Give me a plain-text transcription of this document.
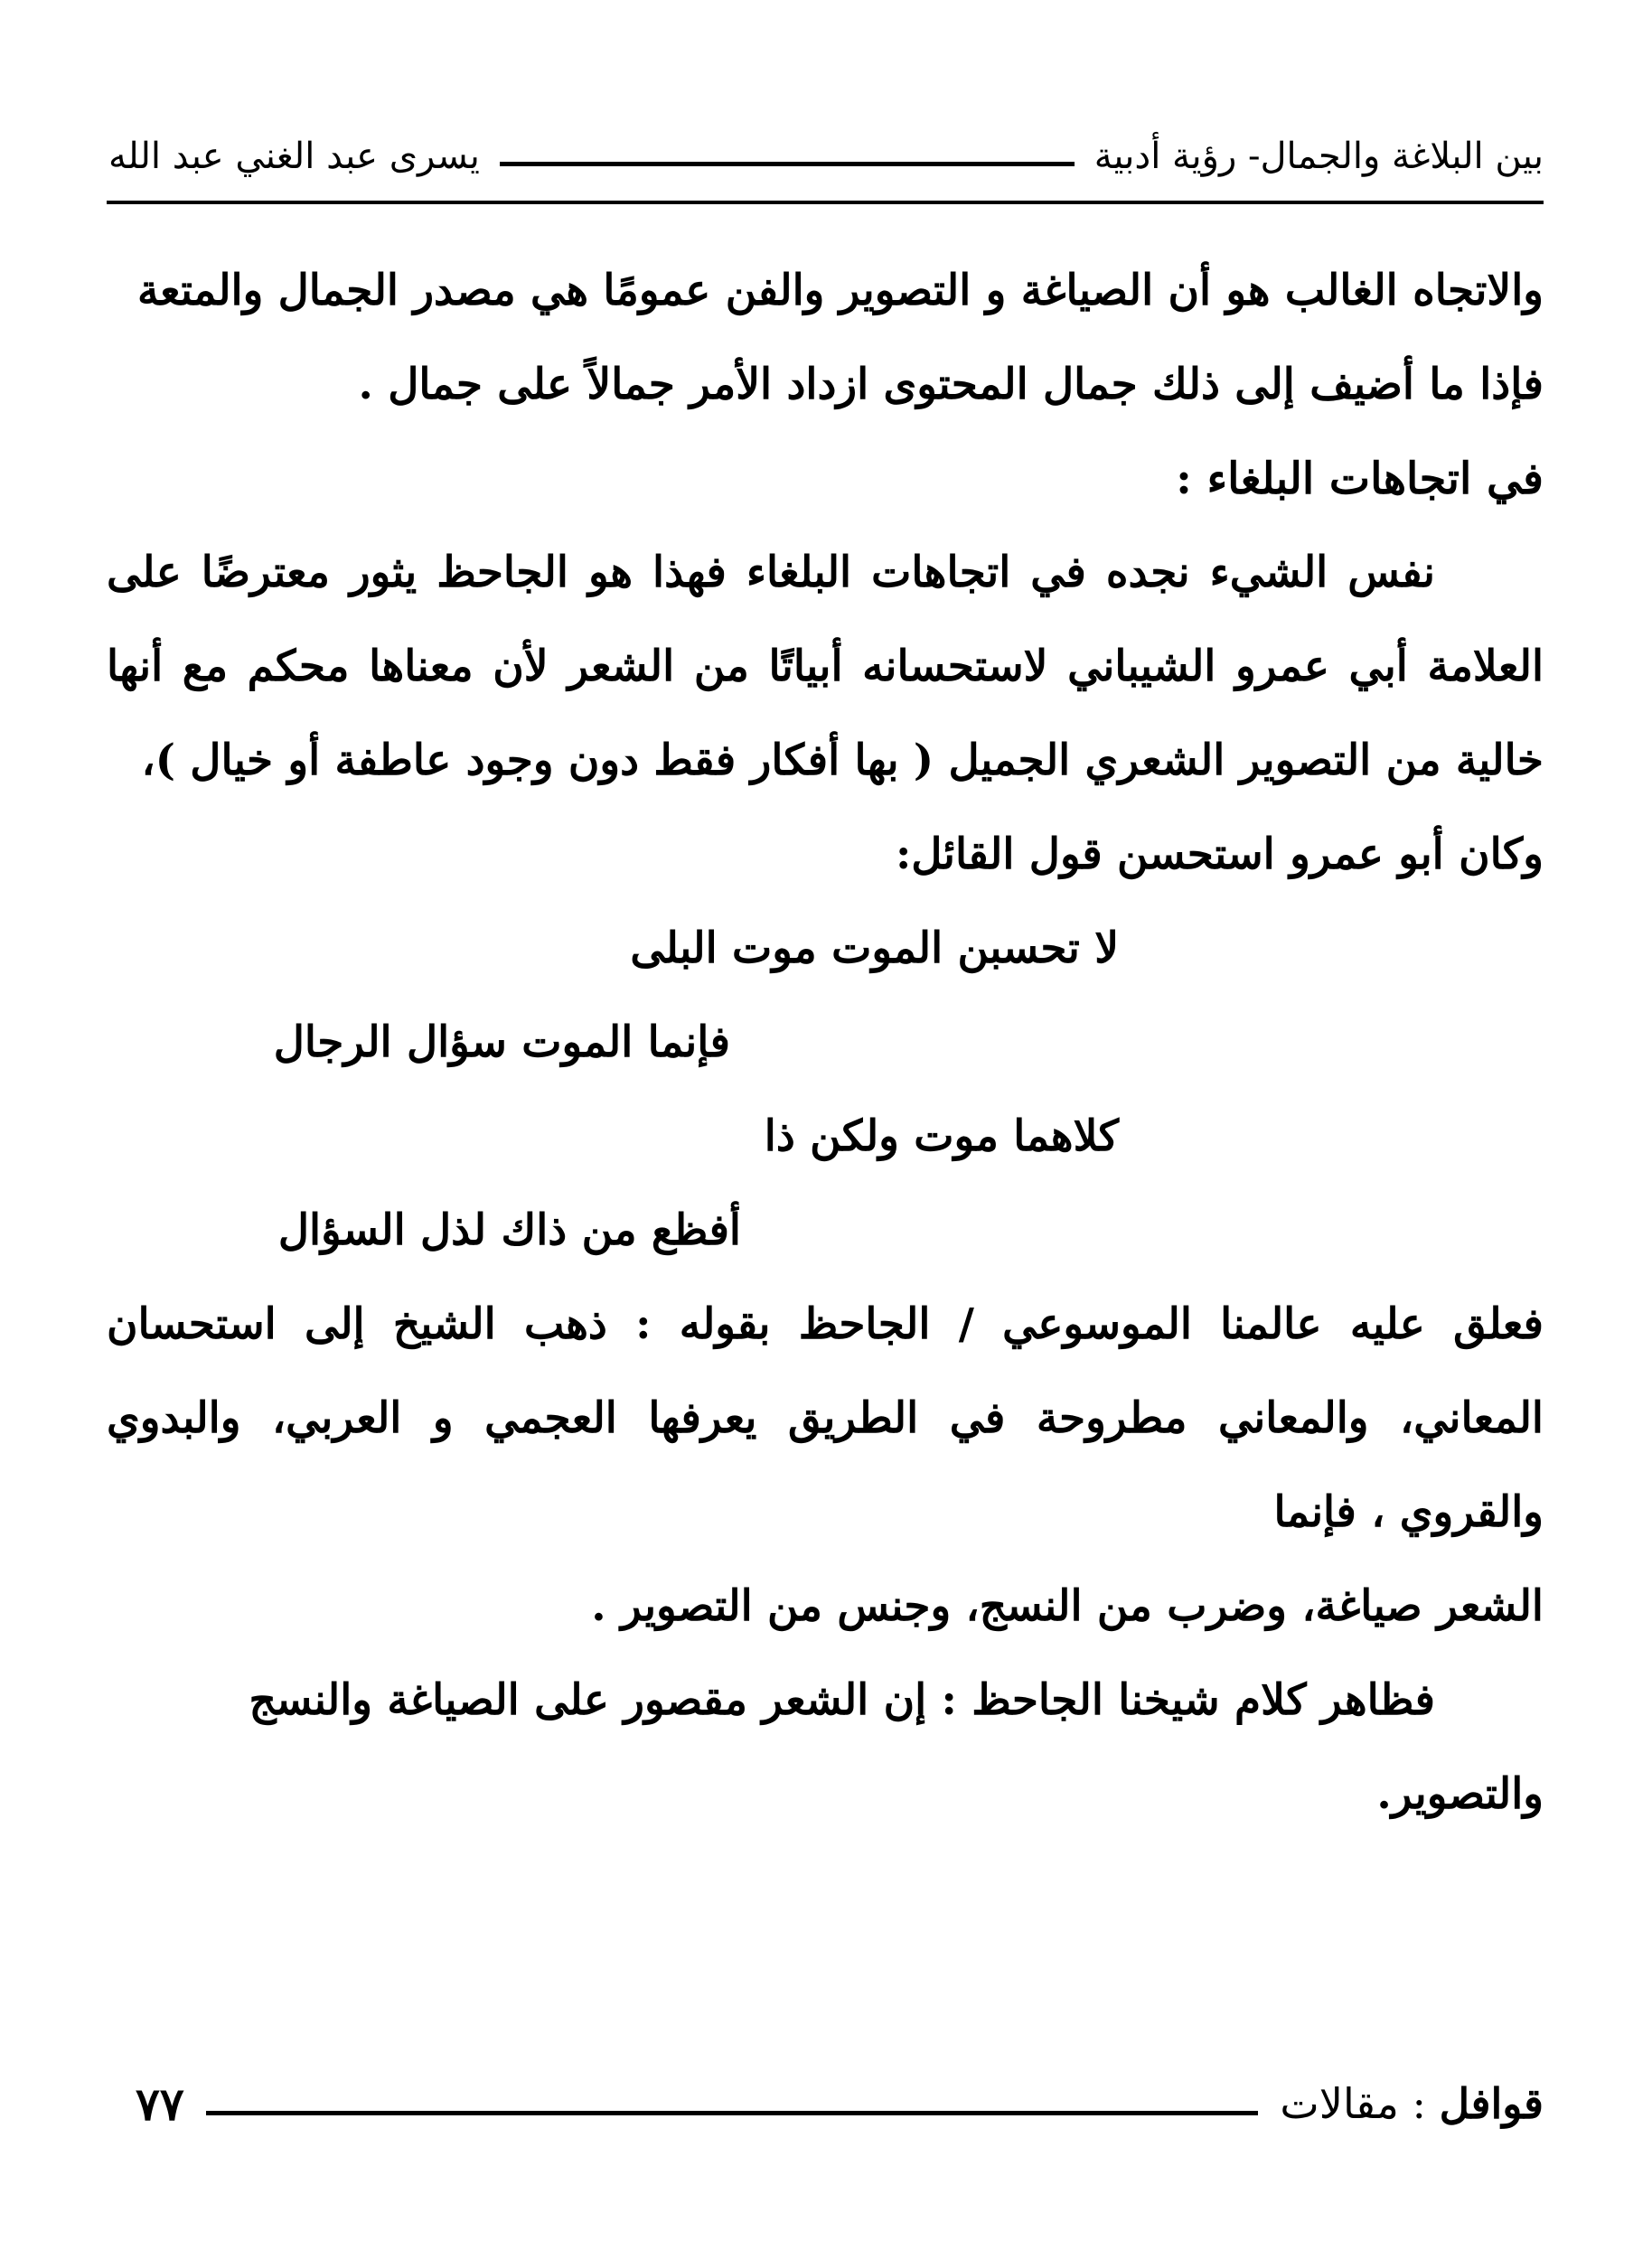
بين البلاغة والجمال- رؤية أدبية
يسرى عبد الغني عبد الله

والاتجاه الغالب هو أن الصياغة و التصوير والفن عمومًا هي مصدر الجمال والمتعة

فإذا ما أضيف إلى ذلك جمال المحتوى ازداد الأمر جمالاً على جمال .

في اتجاهات البلغاء :

نفس الشيء نجده في اتجاهات البلغاء فهذا هو الجاحظ يثور معترضًا على العلامة أبي عمرو الشيباني لاستحسانه أبياتًا من الشعر لأن معناها محكم مع أنها خالية من التصوير الشعري الجميل ( بها أفكار فقط دون وجود عاطفة أو خيال )،

وكان أبو عمرو استحسن قول القائل:

لا تحسبن الموت موت البلى
فإنما الموت سؤال الرجال
كلاهما موت ولكن ذا
أفظع من ذاك لذل السؤال

فعلق عليه عالمنا الموسوعي / الجاحظ بقوله : ذهب الشيخ إلى استحسان المعاني، والمعاني مطروحة في الطريق يعرفها العجمي و العربي، والبدوي والقروي ، فإنما

الشعر صياغة، وضرب من النسج، وجنس من التصوير .

فظاهر كلام شيخنا الجاحظ : إن الشعر مقصور على الصياغة والنسج

والتصوير.

قوافل : مقالات
٧٧
